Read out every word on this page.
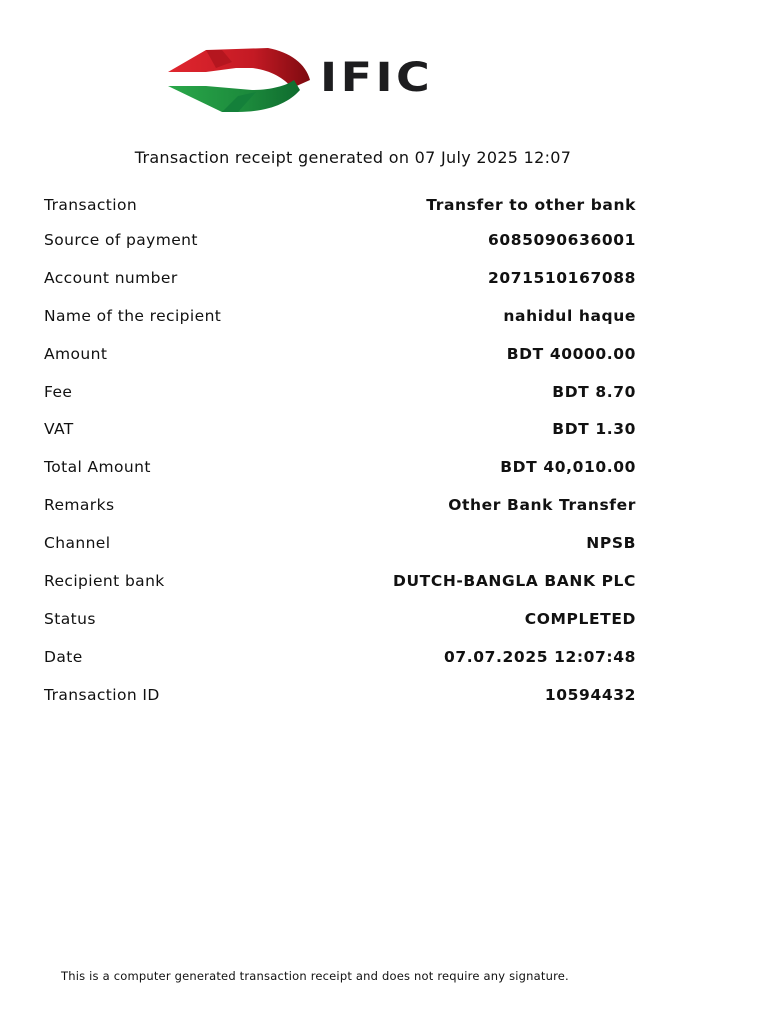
IFIC
Transaction receipt generated on 07 July 2025 12:07
Transaction	Transfer to other bank
Source of payment	6085090636001
Account number	2071510167088
Name of the recipient	nahidul haque
Amount	BDT 40000.00
Fee	BDT 8.70
VAT	BDT 1.30
Total Amount	BDT 40,010.00
Remarks	Other Bank Transfer
Channel	NPSB
Recipient bank	DUTCH-BANGLA BANK PLC
Status	COMPLETED
Date	07.07.2025 12:07:48
Transaction ID	10594432
This is a computer generated transaction receipt and does not require any signature.
